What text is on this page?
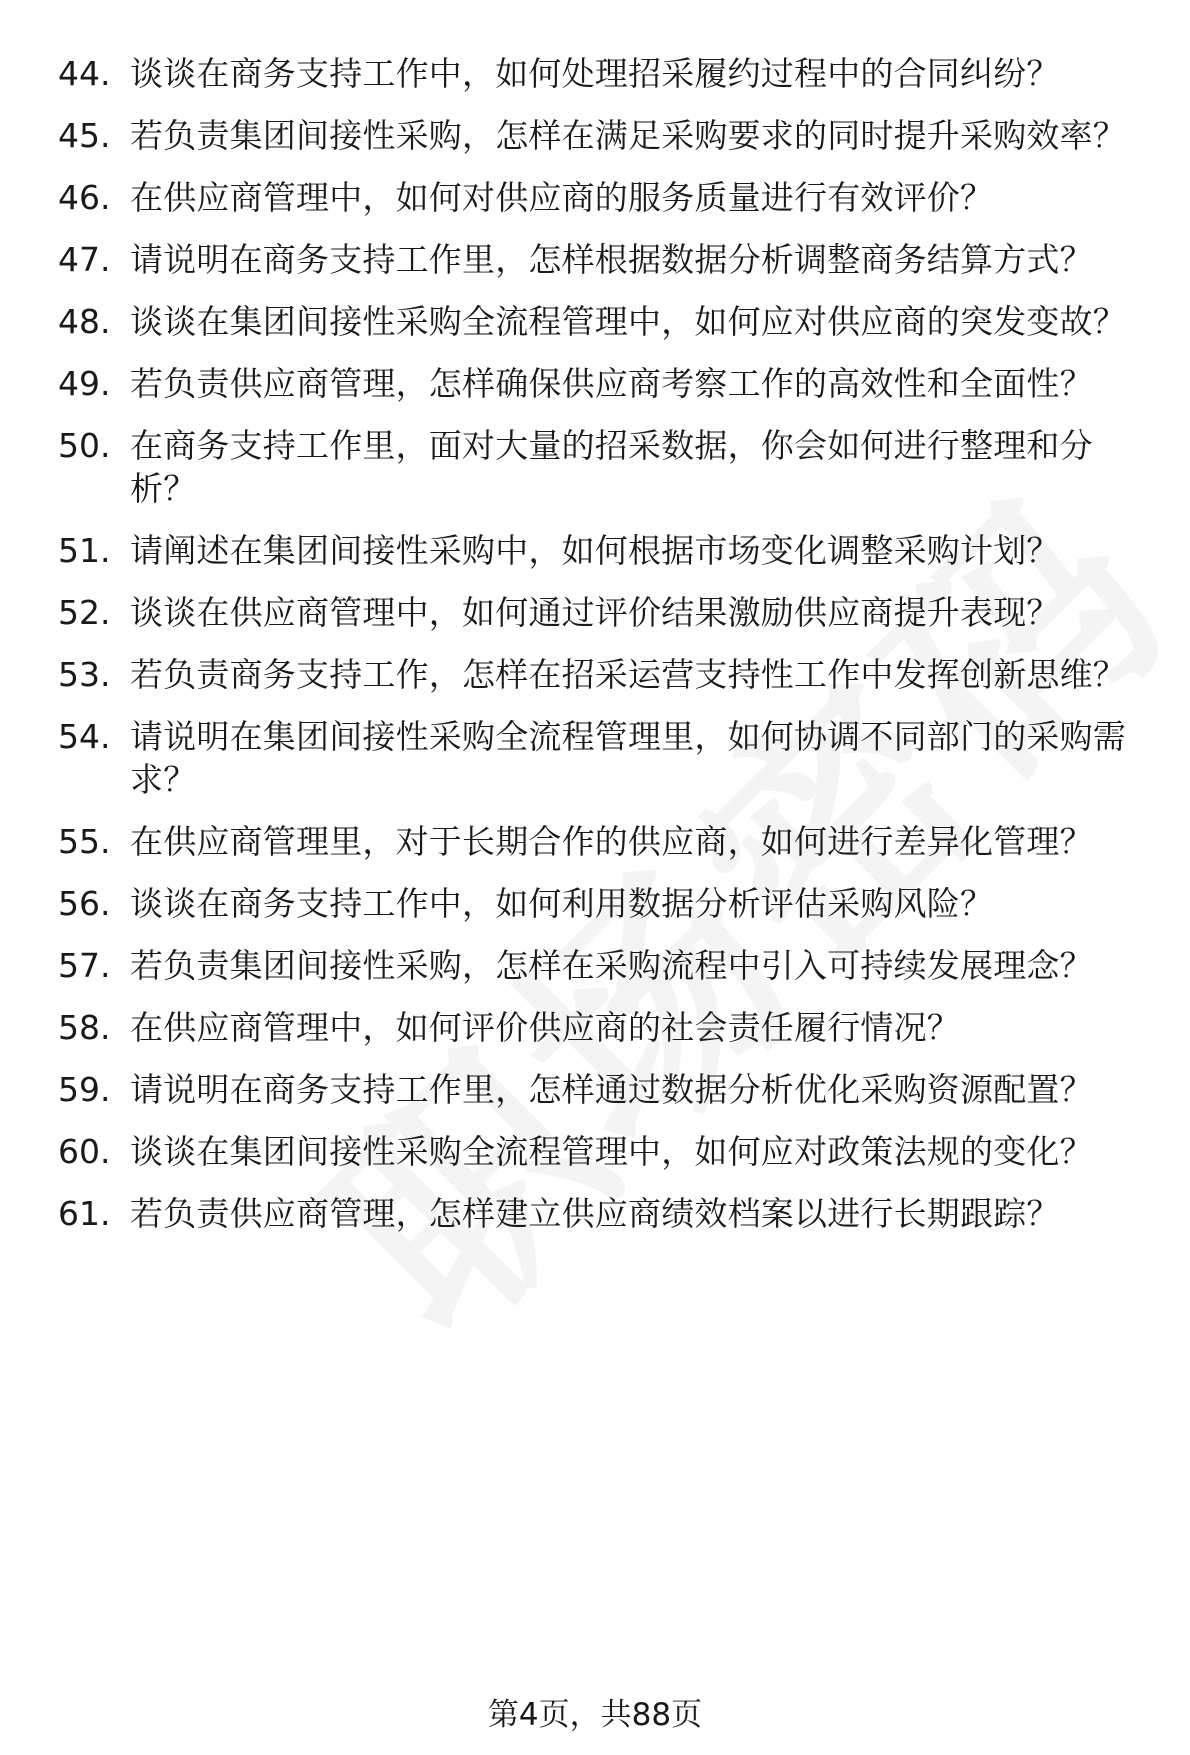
44. 谈谈在商务支持工作中，如何处理招采履约过程中的合同纠纷？
45. 若负责集团间接性采购，怎样在满足采购要求的同时提升采购效率？
46. 在供应商管理中，如何对供应商的服务质量进行有效评价？
47. 请说明在商务支持工作里，怎样根据数据分析调整商务结算方式？
48. 谈谈在集团间接性采购全流程管理中，如何应对供应商的突发变故？
49. 若负责供应商管理，怎样确保供应商考察工作的高效性和全面性？
50. 在商务支持工作里，面对大量的招采数据，你会如何进行整理和分析？
51. 请阐述在集团间接性采购中，如何根据市场变化调整采购计划？
52. 谈谈在供应商管理中，如何通过评价结果激励供应商提升表现？
53. 若负责商务支持工作，怎样在招采运营支持性工作中发挥创新思维？
54. 请说明在集团间接性采购全流程管理里，如何协调不同部门的采购需求？
55. 在供应商管理里，对于长期合作的供应商，如何进行差异化管理？
56. 谈谈在商务支持工作中，如何利用数据分析评估采购风险？
57. 若负责集团间接性采购，怎样在采购流程中引入可持续发展理念？
58. 在供应商管理中，如何评价供应商的社会责任履行情况？
59. 请说明在商务支持工作里，怎样通过数据分析优化采购资源配置？
60. 谈谈在集团间接性采购全流程管理中，如何应对政策法规的变化？
61. 若负责供应商管理，怎样建立供应商绩效档案以进行长期跟踪？
第4页，共88页
